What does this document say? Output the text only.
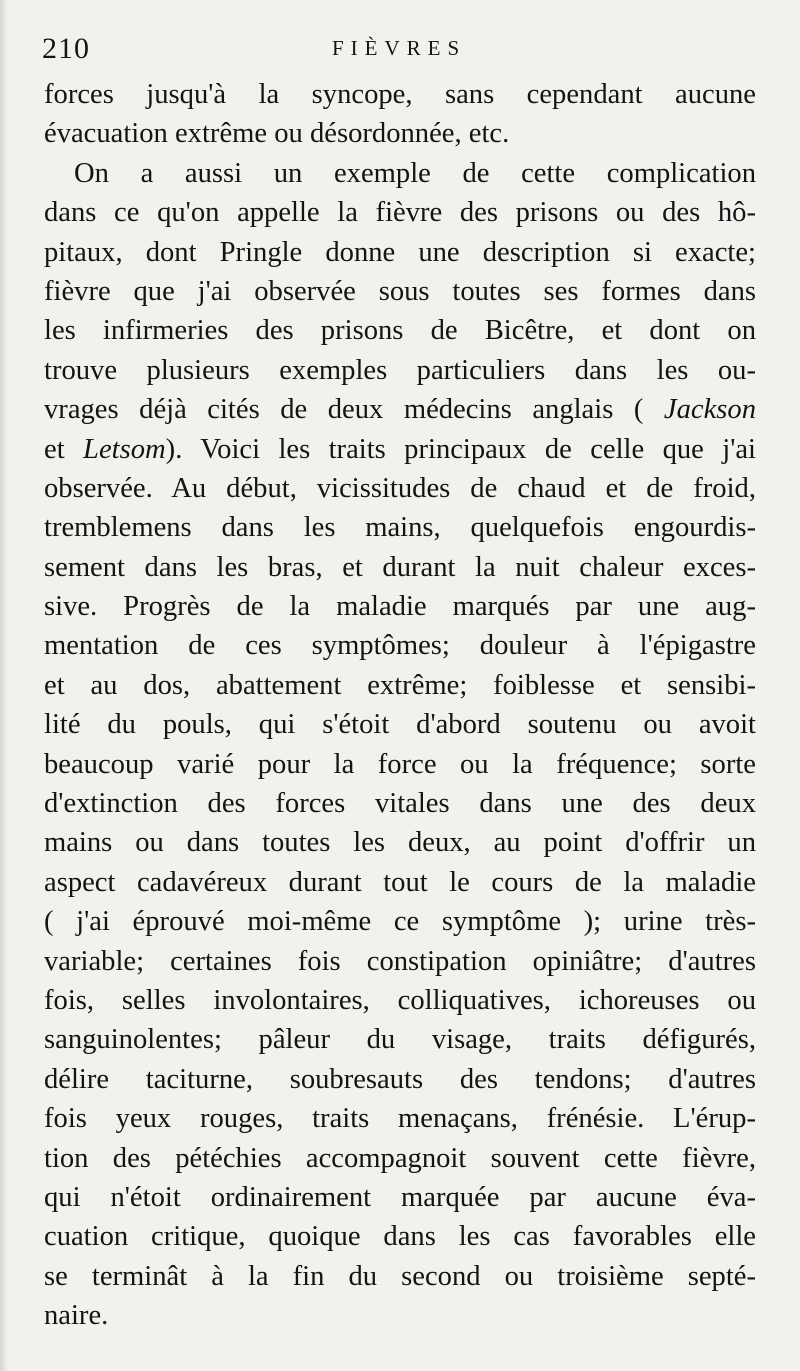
210	FIÈVRES
forces jusqu'à la syncope, sans cependant aucune
évacuation extrême ou désordonnée, etc.
On a aussi un exemple de cette complication
dans ce qu'on appelle la fièvre des prisons ou des hô-
pitaux, dont Pringle donne une description si exacte;
fièvre que j'ai observée sous toutes ses formes dans
les infirmeries des prisons de Bicêtre, et dont on
trouve plusieurs exemples particuliers dans les ou-
vrages déjà cités de deux médecins anglais ( Jackson
et Letsom). Voici les traits principaux de celle que j'ai
observée. Au début, vicissitudes de chaud et de froid,
tremblemens dans les mains, quelquefois engourdis-
sement dans les bras, et durant la nuit chaleur exces-
sive. Progrès de la maladie marqués par une aug-
mentation de ces symptômes; douleur à l'épigastre
et au dos, abattement extrême; foiblesse et sensibi-
lité du pouls, qui s'étoit d'abord soutenu ou avoit
beaucoup varié pour la force ou la fréquence; sorte
d'extinction des forces vitales dans une des deux
mains ou dans toutes les deux, au point d'offrir un
aspect cadavéreux durant tout le cours de la maladie
( j'ai éprouvé moi-même ce symptôme ); urine très-
variable; certaines fois constipation opiniâtre; d'autres
fois, selles involontaires, colliquatives, ichoreuses ou
sanguinolentes; pâleur du visage, traits défigurés,
délire taciturne, soubresauts des tendons; d'autres
fois yeux rouges, traits menaçans, frénésie. L'érup-
tion des pétéchies accompagnoit souvent cette fièvre,
qui n'étoit ordinairement marquée par aucune éva-
cuation critique, quoique dans les cas favorables elle
se terminât à la fin du second ou troisième septé-
naire.
